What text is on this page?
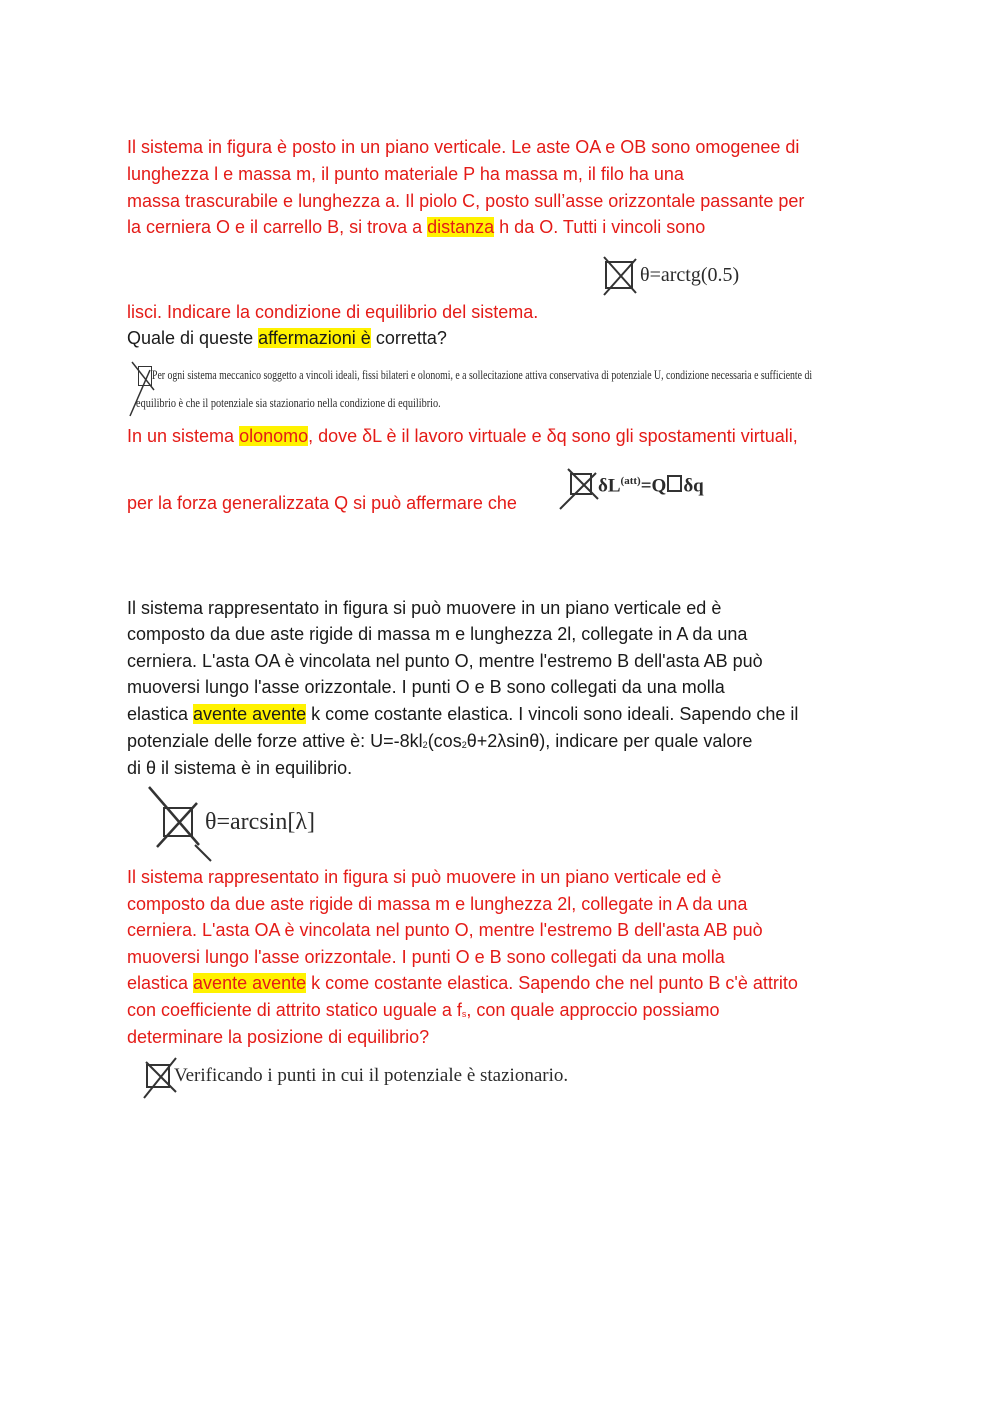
Il sistema in figura è posto in un piano verticale. Le aste OA e OB sono omogenee di
lunghezza l e massa m, il punto materiale P ha massa m, il filo ha una
massa trascurabile e lunghezza a. Il piolo C, posto sull’asse orizzontale passante per
la cerniera O e il carrello B, si trova a distanza h da O. Tutti i vincoli sono
θ=arctg(0.5)
lisci. Indicare la condizione di equilibrio del sistema.
Quale di queste affermazioni è corretta?
Per ogni sistema meccanico soggetto a vincoli ideali, fissi bilateri e olonomi, e a sollecitazione attiva conservativa di potenziale U, condizione necessaria e sufficiente di
equilibrio è che il potenziale sia stazionario nella condizione di equilibrio.
In un sistema olonomo, dove δL è il lavoro virtuale e δq sono gli spostamenti virtuali,
per la forza generalizzata Q si può affermare che
$\delta L^{(att)}=Q$ δq
Il sistema rappresentato in figura si può muovere in un piano verticale ed è
composto da due aste rigide di massa m e lunghezza 2l, collegate in A da una
cerniera. L'asta OA è vincolata nel punto O, mentre l'estremo B dell'asta AB può
muoversi lungo l'asse orizzontale. I punti O e B sono collegati da una molla
elastica avente avente k come costante elastica. I vincoli sono ideali. Sapendo che il
potenziale delle forze attive è: U=-8kl2(cos2θ+2λsinθ), indicare per quale valore
di θ il sistema è in equilibrio.
θ=arcsin[λ]
Il sistema rappresentato in figura si può muovere in un piano verticale ed è
composto da due aste rigide di massa m e lunghezza 2l, collegate in A da una
cerniera. L'asta OA è vincolata nel punto O, mentre l'estremo B dell'asta AB può
muoversi lungo l'asse orizzontale. I punti O e B sono collegati da una molla
elastica avente avente k come costante elastica. Sapendo che nel punto B c'è attrito
con coefficiente di attrito statico uguale a fs, con quale approccio possiamo
determinare la posizione di equilibrio?
Verificando i punti in cui il potenziale è stazionario.
